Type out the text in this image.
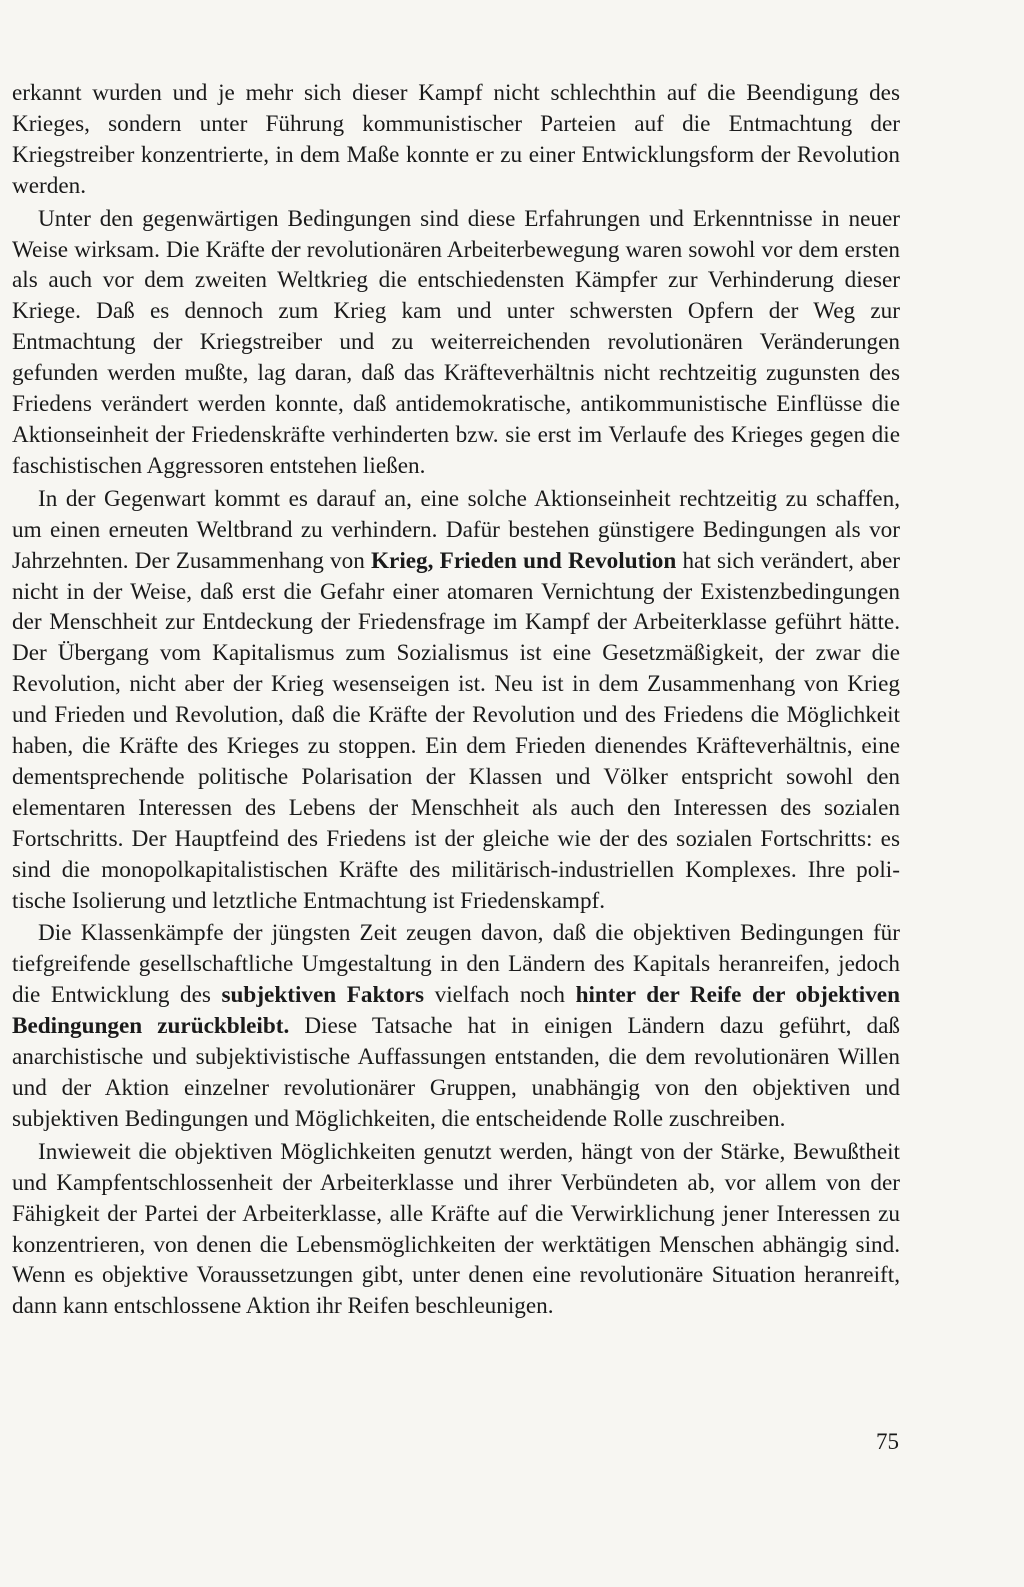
erkannt wurden und je mehr sich dieser Kampf nicht schlechthin auf die Beendigung des Krieges, sondern unter Führung kommunistischer Parteien auf die Entmachtung der Kriegstreiber konzentrierte, in dem Maße konnte er zu einer Entwicklungsform der Revolution werden.

Unter den gegenwärtigen Bedingungen sind diese Erfahrungen und Erkenntnisse in neuer Weise wirksam. Die Kräfte der revolutionären Arbeiterbewegung waren sowohl vor dem ersten als auch vor dem zweiten Weltkrieg die entschiedensten Kämpfer zur Verhinderung dieser Kriege. Daß es dennoch zum Krieg kam und unter schwersten Opfern der Weg zur Entmachtung der Kriegstreiber und zu weiterreichenden revolutionären Veränderungen gefunden werden mußte, lag daran, daß das Kräfteverhältnis nicht rechtzeitig zugunsten des Friedens verändert werden konnte, daß antidemokratische, antikommunistische Einflüsse die Aktionseinheit der Friedenskräfte verhinderten bzw. sie erst im Verlaufe des Krieges gegen die faschistischen Aggressoren entstehen ließen.

In der Gegenwart kommt es darauf an, eine solche Aktionseinheit rechtzeitig zu schaffen, um einen erneuten Weltbrand zu verhindern. Dafür bestehen günstigere Bedingungen als vor Jahrzehnten. Der Zusammenhang von Krieg, Frieden und Revolution hat sich verändert, aber nicht in der Weise, daß erst die Gefahr einer atomaren Vernichtung der Existenzbedingungen der Menschheit zur Entdeckung der Friedensfrage im Kampf der Arbeiterklasse geführt hätte. Der Übergang vom Kapitalismus zum Sozialismus ist eine Gesetzmäßigkeit, der zwar die Revolution, nicht aber der Krieg wesenseigen ist. Neu ist in dem Zusammenhang von Krieg und Frieden und Revolution, daß die Kräfte der Revolution und des Friedens die Möglichkeit haben, die Kräfte des Krieges zu stoppen. Ein dem Frieden dienendes Kräfteverhältnis, eine dementsprechende politische Polarisation der Klassen und Völker entspricht sowohl den elementaren Interessen des Lebens der Menschheit als auch den Interessen des sozialen Fortschritts. Der Hauptfeind des Friedens ist der gleiche wie der des sozialen Fortschritts: es sind die monopolkapitalistischen Kräfte des militärisch-industriellen Komplexes. Ihre politische Isolierung und letztliche Entmachtung ist Friedenskampf.

Die Klassenkämpfe der jüngsten Zeit zeugen davon, daß die objektiven Bedingungen für tiefgreifende gesellschaftliche Umgestaltung in den Ländern des Kapitals heranreifen, jedoch die Entwicklung des subjektiven Faktors vielfach noch hinter der Reife der objektiven Bedingungen zurückbleibt. Diese Tatsache hat in einigen Ländern dazu geführt, daß anarchistische und subjektivistische Auffassungen entstanden, die dem revolutionären Willen und der Aktion einzelner revolutionärer Gruppen, unabhängig von den objektiven und subjektiven Bedingungen und Möglichkeiten, die entscheidende Rolle zuschreiben.

Inwieweit die objektiven Möglichkeiten genutzt werden, hängt von der Stärke, Bewußtheit und Kampfentschlossenheit der Arbeiterklasse und ihrer Verbündeten ab, vor allem von der Fähigkeit der Partei der Arbeiterklasse, alle Kräfte auf die Verwirklichung jener Interessen zu konzentrieren, von denen die Lebensmöglichkeiten der werktätigen Menschen abhängig sind. Wenn es objektive Voraussetzungen gibt, unter denen eine revolutionäre Situation heranreift, dann kann entschlossene Aktion ihr Reifen beschleunigen.

75
